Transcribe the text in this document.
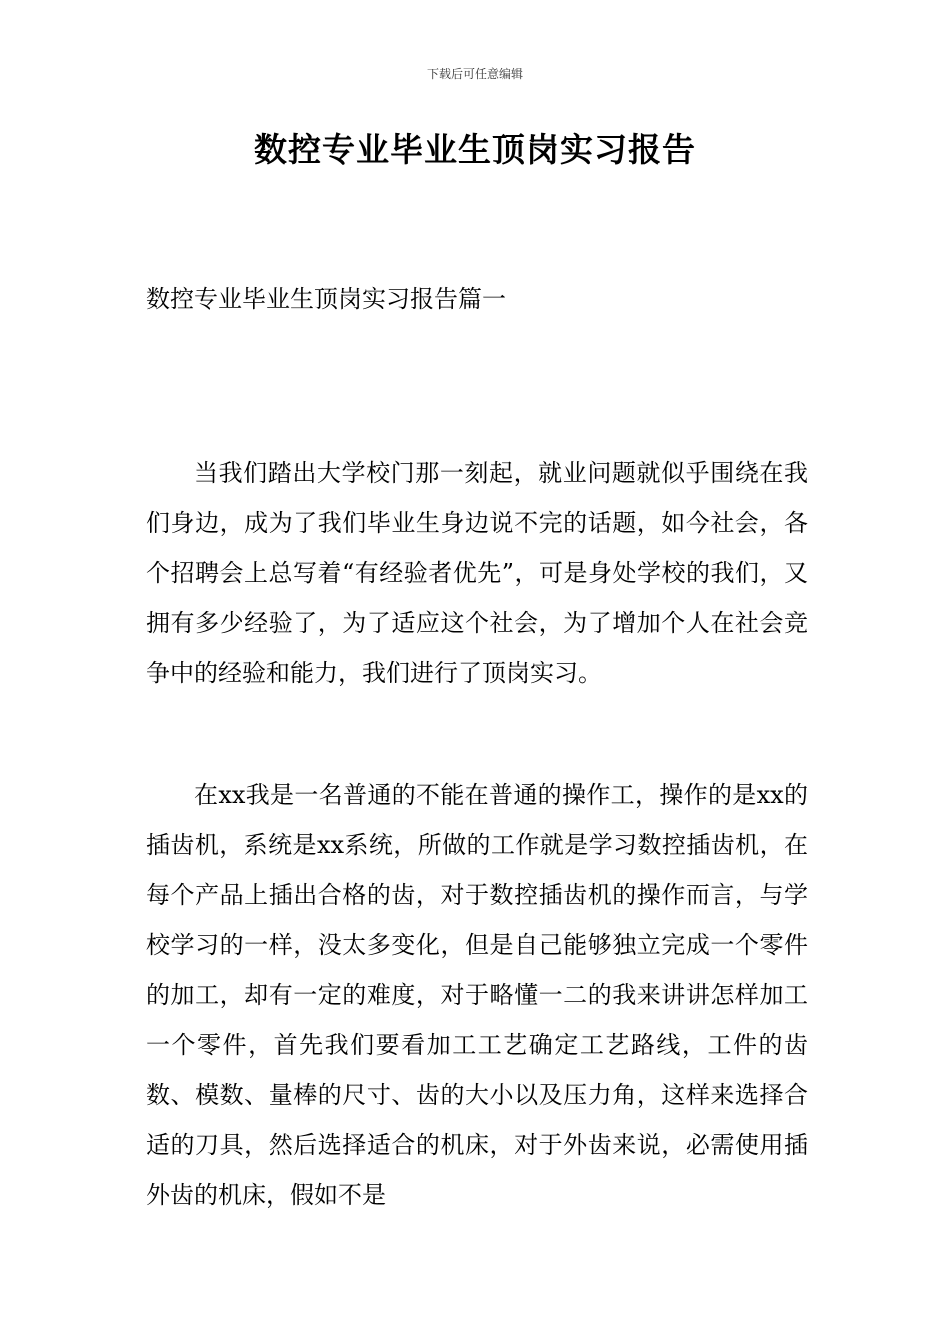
下载后可任意编辑
数控专业毕业生顶岗实习报告
数控专业毕业生顶岗实习报告篇一

当我们踏出大学校门那一刻起，就业问题就似乎围绕在我们身边，成为了我们毕业生身边说不完的话题，如今社会，各个招聘会上总写着“有经验者优先”，可是身处学校的我们，又拥有多少经验了，为了适应这个社会，为了增加个人在社会竞争中的经验和能力，我们进行了顶岗实习。

在xx我是一名普通的不能在普通的操作工，操作的是xx的插齿机，系统是xx系统，所做的工作就是学习数控插齿机，在每个产品上插出合格的齿，对于数控插齿机的操作而言，与学校学习的一样，没太多变化，但是自己能够独立完成一个零件的加工，却有一定的难度，对于略懂一二的我来讲讲怎样加工一个零件，首先我们要看加工工艺确定工艺路线，工件的齿数、模数、量棒的尺寸、齿的大小以及压力角，这样来选择合适的刀具，然后选择适合的机床，对于外齿来说，必需使用插外齿的机床，假如不是
